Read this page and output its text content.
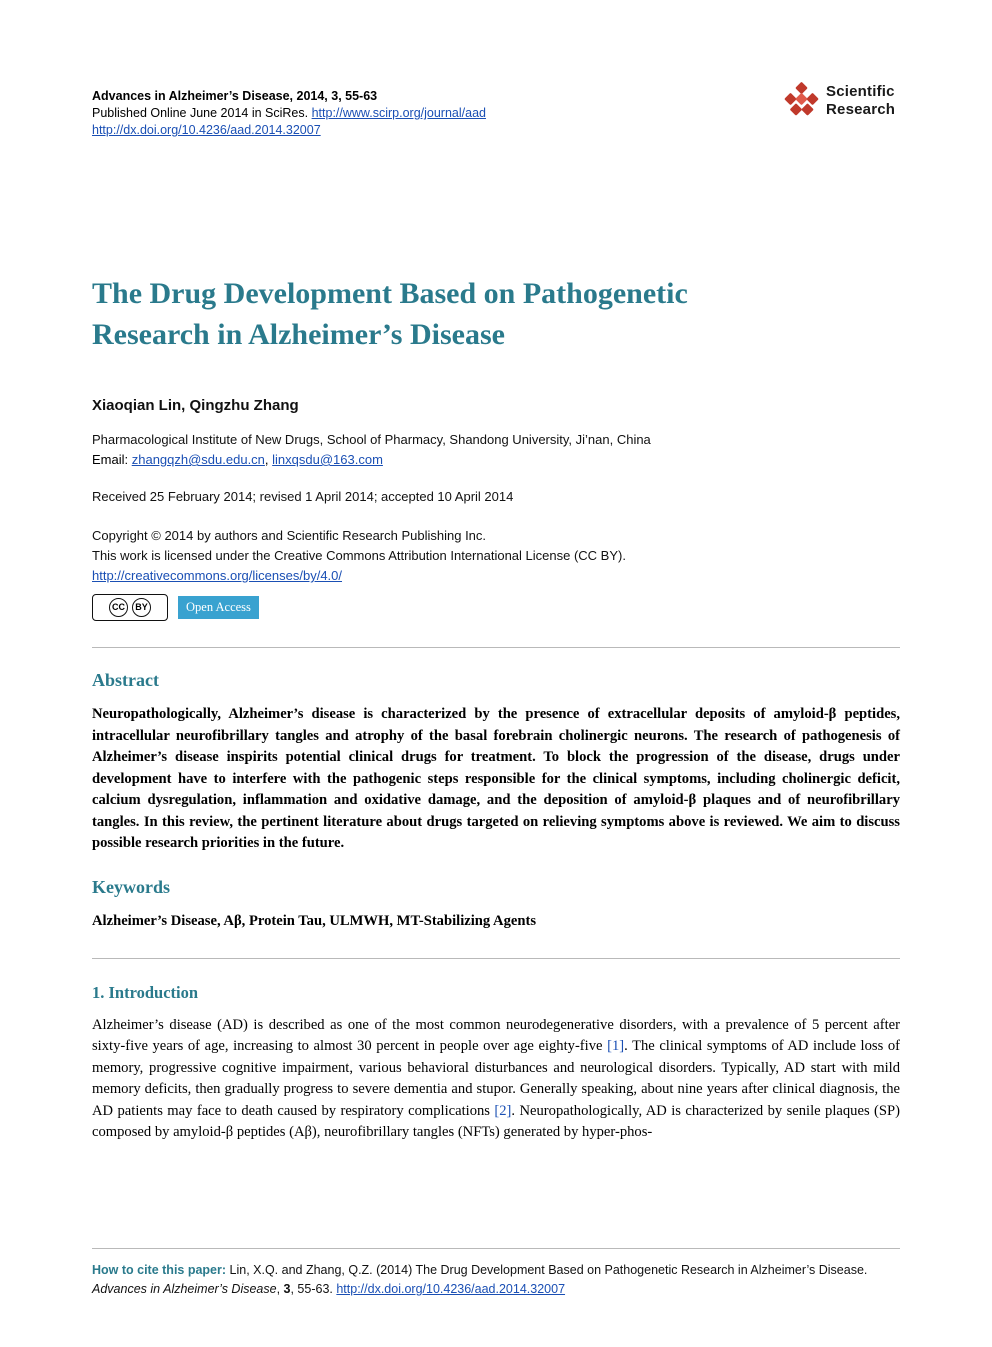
Advances in Alzheimer’s Disease, 2014, 3, 55-63
Published Online June 2014 in SciRes. http://www.scirp.org/journal/aad
http://dx.doi.org/10.4236/aad.2014.32007
Scientific
Research
The Drug Development Based on Pathogenetic Research in Alzheimer’s Disease
Xiaoqian Lin, Qingzhu Zhang
Pharmacological Institute of New Drugs, School of Pharmacy, Shandong University, Ji’nan, China
Email: zhangqzh@sdu.edu.cn, linxqsdu@163.com
Received 25 February 2014; revised 1 April 2014; accepted 10 April 2014
Copyright © 2014 by authors and Scientific Research Publishing Inc.
This work is licensed under the Creative Commons Attribution International License (CC BY).
http://creativecommons.org/licenses/by/4.0/
CC	BY	Open Access
Abstract

Neuropathologically, Alzheimer’s disease is characterized by the presence of extracellular deposits of amyloid-β peptides, intracellular neurofibrillary tangles and atrophy of the basal forebrain cholinergic neurons. The research of pathogenesis of Alzheimer’s disease inspirits potential clinical drugs for treatment. To block the progression of the disease, drugs under development have to interfere with the pathogenic steps responsible for the clinical symptoms, including cholinergic deficit, calcium dysregulation, inflammation and oxidative damage, and the deposition of amyloid-β plaques and of neurofibrillary tangles. In this review, the pertinent literature about drugs targeted on relieving symptoms above is reviewed. We aim to discuss possible research priorities in the future.

Keywords

Alzheimer’s Disease, Aβ, Protein Tau, ULMWH, MT-Stabilizing Agents

1. Introduction

Alzheimer’s disease (AD) is described as one of the most common neurodegenerative disorders, with a prevalence of 5 percent after sixty-five years of age, increasing to almost 30 percent in people over age eighty-five [1]. The clinical symptoms of AD include loss of memory, progressive cognitive impairment, various behavioral disturbances and neurological disorders. Typically, AD start with mild memory deficits, then gradually progress to severe dementia and stupor. Generally speaking, about nine years after clinical diagnosis, the AD patients may face to death caused by respiratory complications [2]. Neuropathologically, AD is characterized by senile plaques (SP) composed by amyloid-β peptides (Aβ), neurofibrillary tangles (NFTs) generated by hyper-phos-

How to cite this paper: Lin, X.Q. and Zhang, Q.Z. (2014) The Drug Development Based on Pathogenetic Research in Alzheimer’s Disease. Advances in Alzheimer’s Disease, 3, 55-63. http://dx.doi.org/10.4236/aad.2014.32007
